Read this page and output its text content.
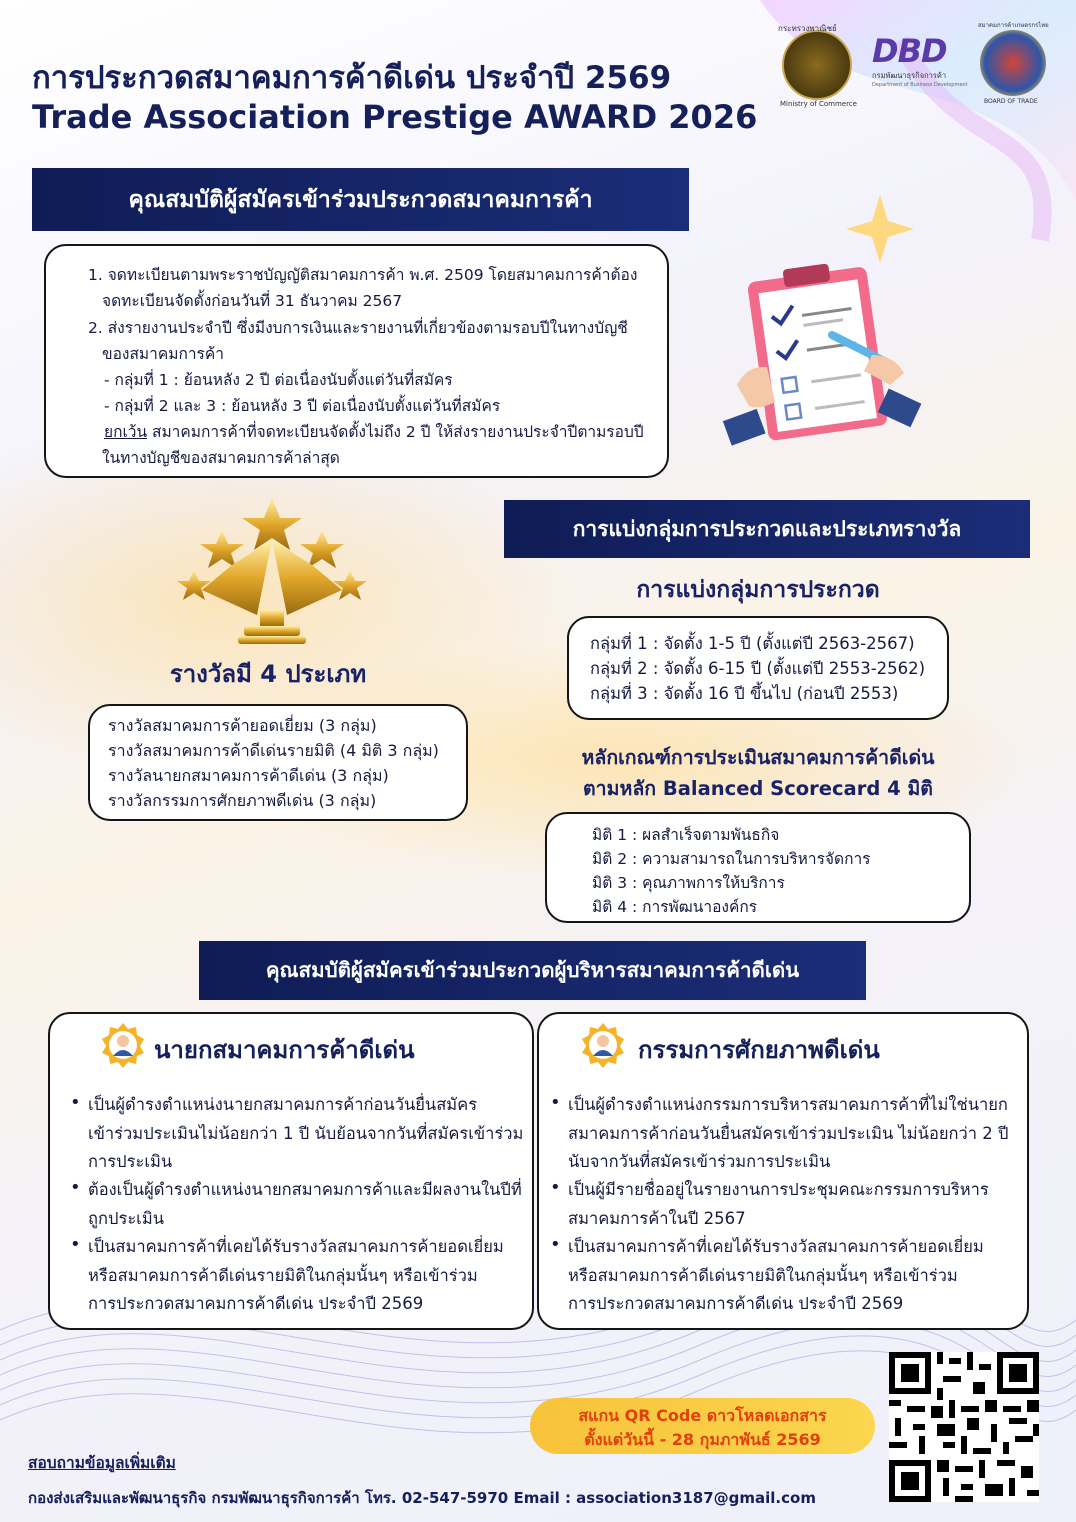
การประกวดสมาคมการค้าดีเด่น ประจำปี 2569
Trade Association Prestige AWARD 2026
กระทรวงพาณิชย์
Ministry of Commerce
DBD
กรมพัฒนาธุรกิจการค้า
Department of Business Development
สมาคมการค้าเกษตรกรไทย
BOARD OF TRADE
คุณสมบัติผู้สมัครเข้าร่วมประกวดสมาคมการค้า
1. จดทะเบียนตามพระราชบัญญัติสมาคมการค้า พ.ศ. 2509 โดยสมาคมการค้าต้อง
จดทะเบียนจัดตั้งก่อนวันที่ 31 ธันวาคม 2567
2. ส่งรายงานประจำปี ซึ่งมีงบการเงินและรายงานที่เกี่ยวข้องตามรอบปีในทางบัญชี
ของสมาคมการค้า
- กลุ่มที่ 1 : ย้อนหลัง 2 ปี ต่อเนื่องนับตั้งแต่วันที่สมัคร
- กลุ่มที่ 2 และ 3 : ย้อนหลัง 3 ปี ต่อเนื่องนับตั้งแต่วันที่สมัคร
ยกเว้น สมาคมการค้าที่จดทะเบียนจัดตั้งไม่ถึง 2 ปี ให้ส่งรายงานประจำปีตามรอบปี
ในทางบัญชีของสมาคมการค้าล่าสุด
การแบ่งกลุ่มการประกวดและประเภทรางวัล
รางวัลมี 4 ประเภท
รางวัลสมาคมการค้ายอดเยี่ยม (3 กลุ่ม)
รางวัลสมาคมการค้าดีเด่นรายมิติ (4 มิติ 3 กลุ่ม)
รางวัลนายกสมาคมการค้าดีเด่น (3 กลุ่ม)
รางวัลกรรมการศักยภาพดีเด่น (3 กลุ่ม)
การแบ่งกลุ่มการประกวด
กลุ่มที่ 1 : จัดตั้ง 1-5 ปี (ตั้งแต่ปี 2563-2567)
กลุ่มที่ 2 : จัดตั้ง 6-15 ปี (ตั้งแต่ปี 2553-2562)
กลุ่มที่ 3 : จัดตั้ง 16 ปี ขึ้นไป (ก่อนปี 2553)
หลักเกณฑ์การประเมินสมาคมการค้าดีเด่น
ตามหลัก Balanced Scorecard 4 มิติ
มิติ 1 : ผลสำเร็จตามพันธกิจ
มิติ 2 : ความสามารถในการบริหารจัดการ
มิติ 3 : คุณภาพการให้บริการ
มิติ 4 : การพัฒนาองค์กร
คุณสมบัติผู้สมัครเข้าร่วมประกวดผู้บริหารสมาคมการค้าดีเด่น
นายกสมาคมการค้าดีเด่น
• เป็นผู้ดำรงตำแหน่งนายกสมาคมการค้าก่อนวันยื่นสมัคร
เข้าร่วมประเมินไม่น้อยกว่า 1 ปี นับย้อนจากวันที่สมัครเข้าร่วม
การประเมิน
• ต้องเป็นผู้ดำรงตำแหน่งนายกสมาคมการค้าและมีผลงานในปีที่
ถูกประเมิน
• เป็นสมาคมการค้าที่เคยได้รับรางวัลสมาคมการค้ายอดเยี่ยม
หรือสมาคมการค้าดีเด่นรายมิติในกลุ่มนั้นๆ หรือเข้าร่วม
การประกวดสมาคมการค้าดีเด่น ประจำปี 2569
กรรมการศักยภาพดีเด่น
• เป็นผู้ดำรงตำแหน่งกรรมการบริหารสมาคมการค้าที่ไม่ใช่นายก
สมาคมการค้าก่อนวันยื่นสมัครเข้าร่วมประเมิน ไม่น้อยกว่า 2 ปี
นับจากวันที่สมัครเข้าร่วมการประเมิน
• เป็นผู้มีรายชื่ออยู่ในรายงานการประชุมคณะกรรมการบริหาร
สมาคมการค้าในปี 2567
• เป็นสมาคมการค้าที่เคยได้รับรางวัลสมาคมการค้ายอดเยี่ยม
หรือสมาคมการค้าดีเด่นรายมิติในกลุ่มนั้นๆ หรือเข้าร่วม
การประกวดสมาคมการค้าดีเด่น ประจำปี 2569
สแกน QR Code ดาวโหลดเอกสาร
ตั้งแต่วันนี้ - 28 กุมภาพันธ์ 2569
สอบถามข้อมูลเพิ่มเติม
กองส่งเสริมและพัฒนาธุรกิจ กรมพัฒนาธุรกิจการค้า โทร. 02-547-5970 Email : association3187@gmail.com
